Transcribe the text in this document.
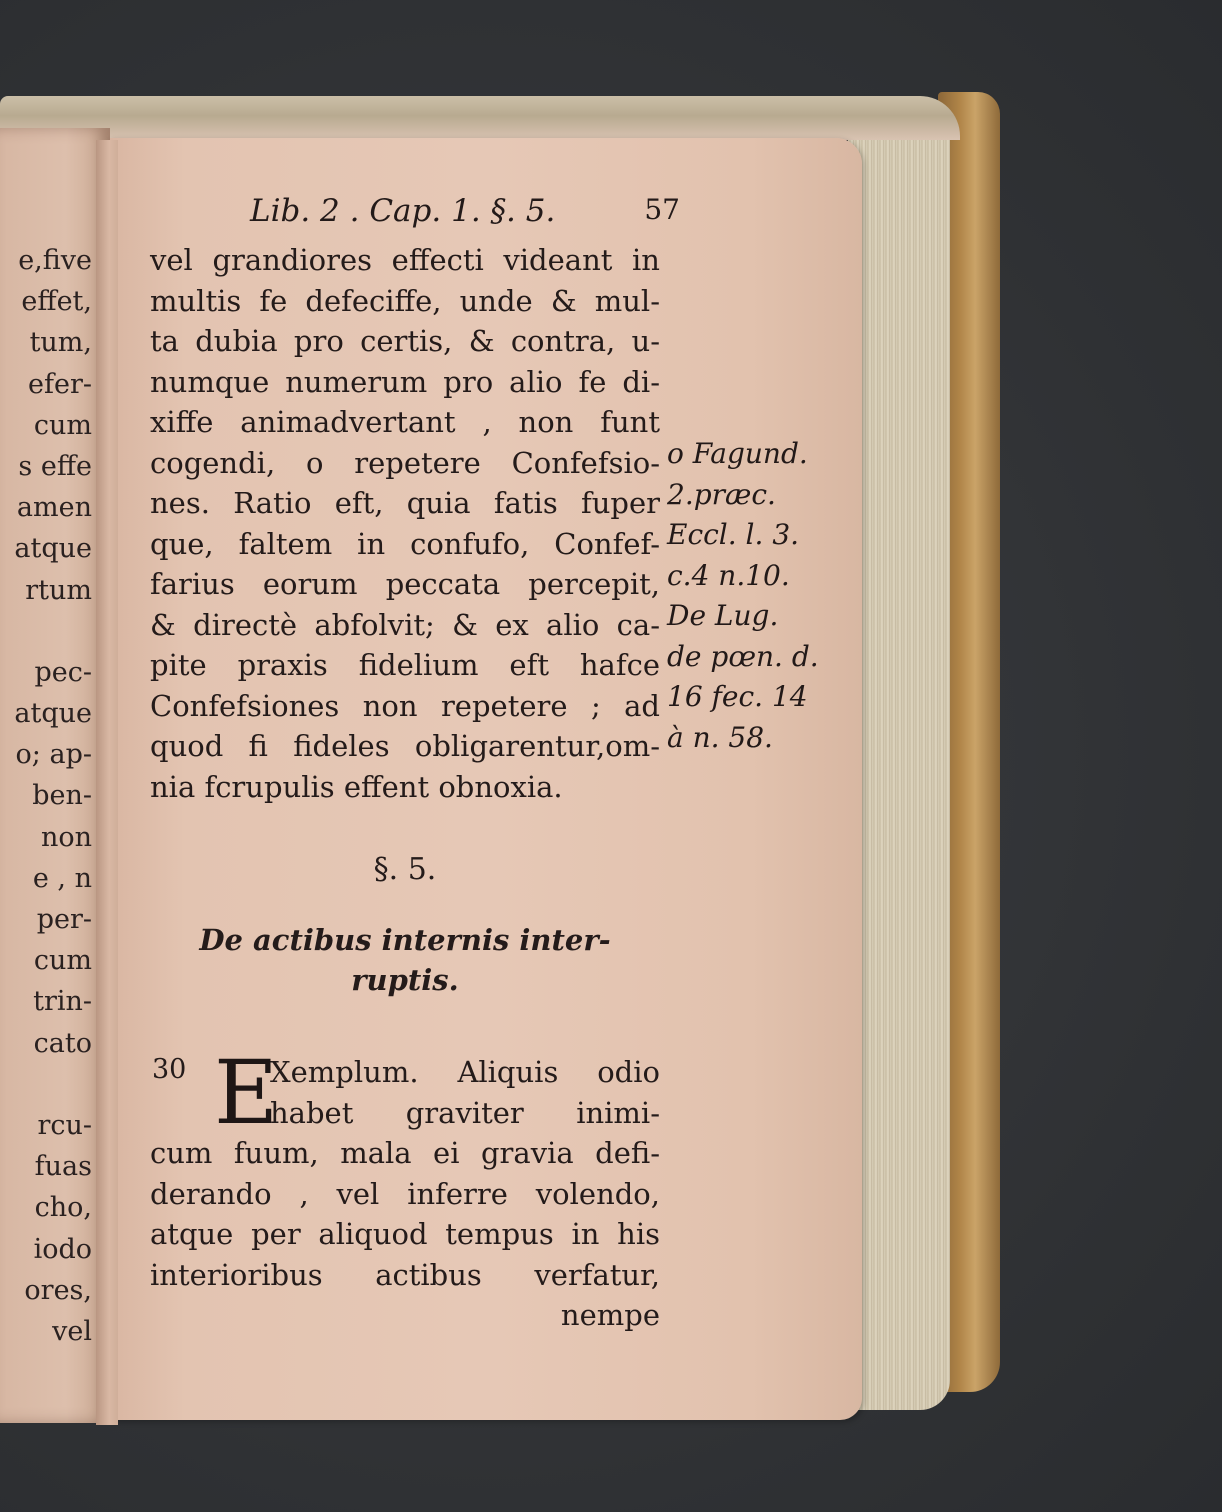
e,five
effet,
tum,
efer-
cum
s effe
amen
atque
rtum
pec-
atque
o; ap-
ben-
non
e , n
per-
cum
trin-
cato
rcu-
fuas
cho,
iodo
ores,
vel
Lib. 2 . Cap. 1. §. 5.	57
vel grandiores effecti videant in
multis fe defeciffe, unde & mul-
ta dubia pro certis, & contra, u-
numque numerum pro alio fe di-
xiffe animadvertant , non funt
cogendi, o repetere Confefsio-
nes. Ratio eft, quia fatis fuper
que, faltem in confufo, Confef-
farius eorum peccata percepit,
& directè abfolvit; & ex alio ca-
pite praxis fidelium eft hafce
Confefsiones non repetere ; ad
quod fi fideles obligarentur,om-
nia fcrupulis effent obnoxia.
o Fagund.
2.præc.
Eccl. l. 3.
c.4 n.10.
De Lug.
de pœn. d.
16 fec. 14
à n. 58.
§. 5.
De actibus internis inter-
ruptis.
30 E
Xemplum. Aliquis odio
habet graviter inimi-
cum fuum, mala ei gravia defi-
derando , vel inferre volendo,
atque per aliquod tempus in his
interioribus actibus verfatur,
nempe
